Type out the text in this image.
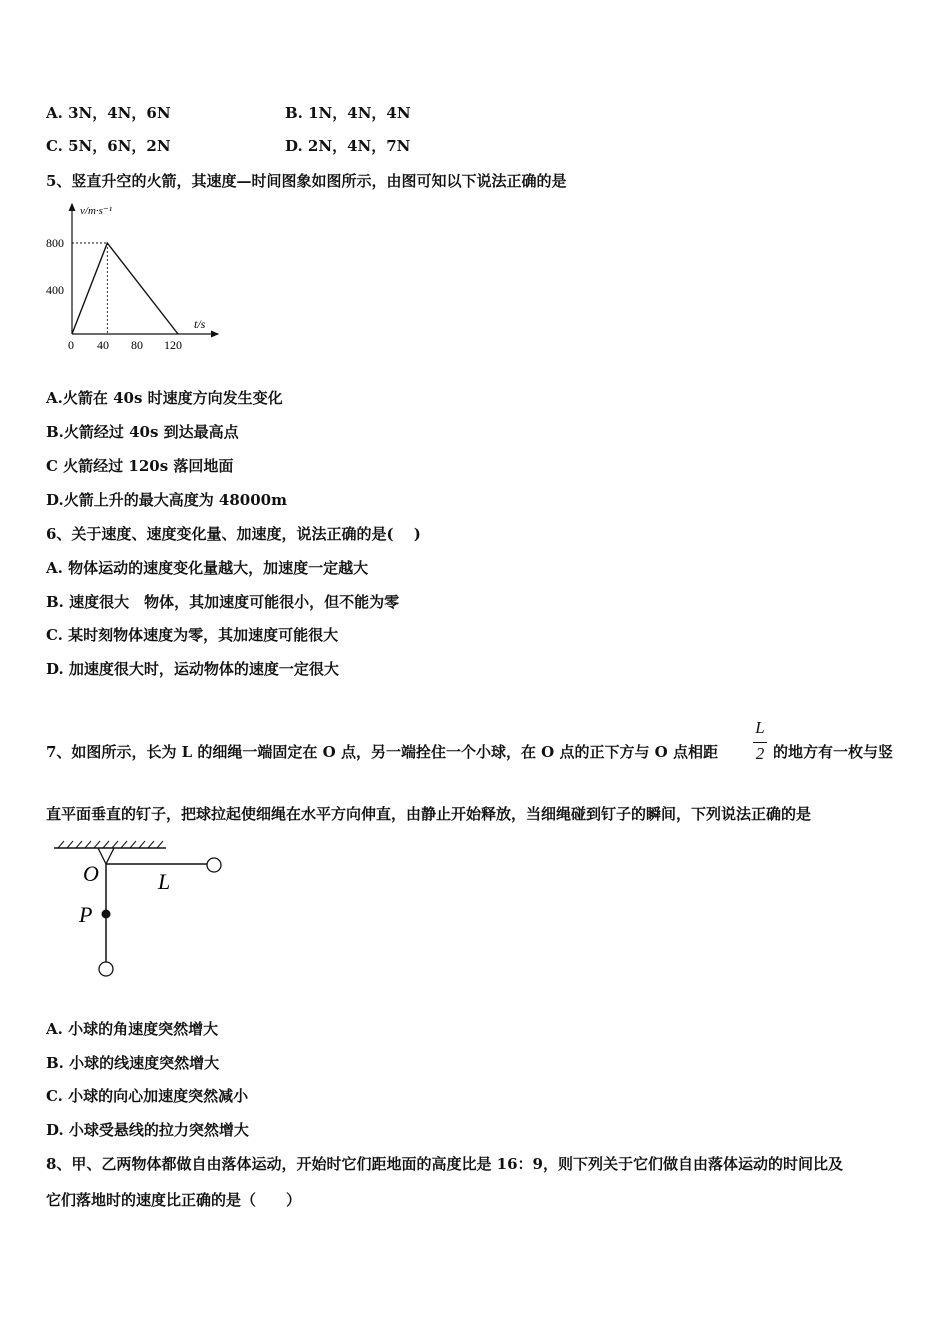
A. 3N，4N，6N	B. 1N，4N，4N
C. 5N，6N，2N	D. 2N，4N，7N
5、竖直升空的火箭，其速度—时间图象如图所示，由图可知以下说法正确的是
v/m·s⁻¹
t/s
800
400
0 40 80 120
A.火箭在 40s 时速度方向发生变化
B.火箭经过 40s 到达最高点
C 火箭经过 120s 落回地面
D.火箭上升的最大高度为 48000m
6、关于速度、速度变化量、加速度，说法正确的是(　 )
A. 物体运动的速度变化量越大，加速度一定越大
B. 速度很大　物体，其加速度可能很小，但不能为零
C. 某时刻物体速度为零，其加速度可能很大
D. 加速度很大时，运动物体的速度一定很大
7、如图所示，长为 L 的细绳一端固定在 O 点，另一端拴住一个小球，在 O 点的正下方与 O 点相距
L
2 的地方有一枚与竖
直平面垂直的钉子，把球拉起使细绳在水平方向伸直，由静止开始释放，当细绳碰到钉子的瞬间，下列说法正确的是
O	L
P
A. 小球的角速度突然增大
B. 小球的线速度突然增大
C. 小球的向心加速度突然减小
D. 小球受悬线的拉力突然增大
8、甲、乙两物体都做自由落体运动，开始时它们距地面的高度比是 16：9，则下列关于它们做自由落体运动的时间比及
它们落地时的速度比正确的是（　　）
